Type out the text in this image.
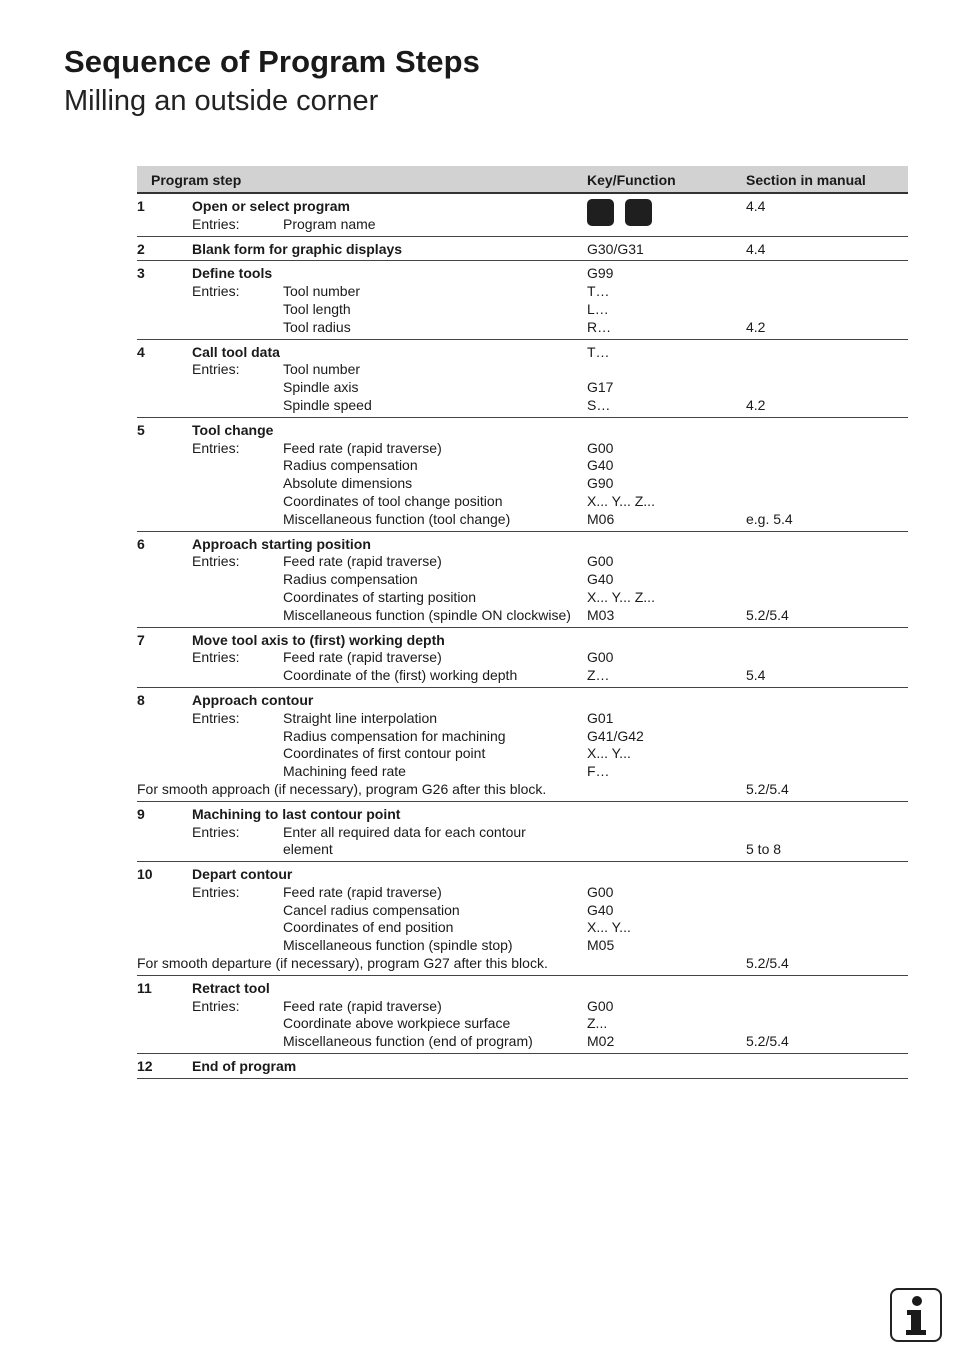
Sequence of Program Steps
Milling an outside corner
Program step	Key/Function	Section in manual
1	Open or select program	4.4
Entries:	Program name
2	Blank form for graphic displays	G30/G31	4.4
3	Define tools	G99
Entries:	Tool number	T…
Tool length	L…
Tool radius	R…	4.2
4	Call tool data	T…
Entries:	Tool number
Spindle axis	G17
Spindle speed	S…	4.2
5	Tool change
Entries:	Feed rate (rapid traverse)	G00
Radius compensation	G40
Absolute dimensions	G90
Coordinates of tool change position	X... Y... Z...
Miscellaneous function (tool change)	M06	e.g. 5.4
6	Approach starting position
Entries:	Feed rate (rapid traverse)	G00
Radius compensation	G40
Coordinates of starting position	X... Y... Z...
Miscellaneous function (spindle ON clockwise) M03	5.2/5.4
7	Move tool axis to (first) working depth
Entries:	Feed rate (rapid traverse)	G00
Coordinate of the (first) working depth	Z…	5.4
8	Approach contour
Entries:	Straight line interpolation	G01
Radius compensation for machining	G41/G42
Coordinates of first contour point	X... Y...
Machining feed rate	F…
For smooth approach (if necessary), program G26 after this block.	5.2/5.4
9	Machining to last contour point
Entries:	Enter all required data for each contour
element	5 to 8
10	Depart contour
Entries:	Feed rate (rapid traverse)	G00
Cancel radius compensation	G40
Coordinates of end position	X... Y...
Miscellaneous function (spindle stop)	M05
For smooth departure (if necessary), program G27 after this block.	5.2/5.4
11	Retract tool
Entries:	Feed rate (rapid traverse)	G00
Coordinate above workpiece surface	Z...
Miscellaneous function (end of program)	M02	5.2/5.4
12	End of program
